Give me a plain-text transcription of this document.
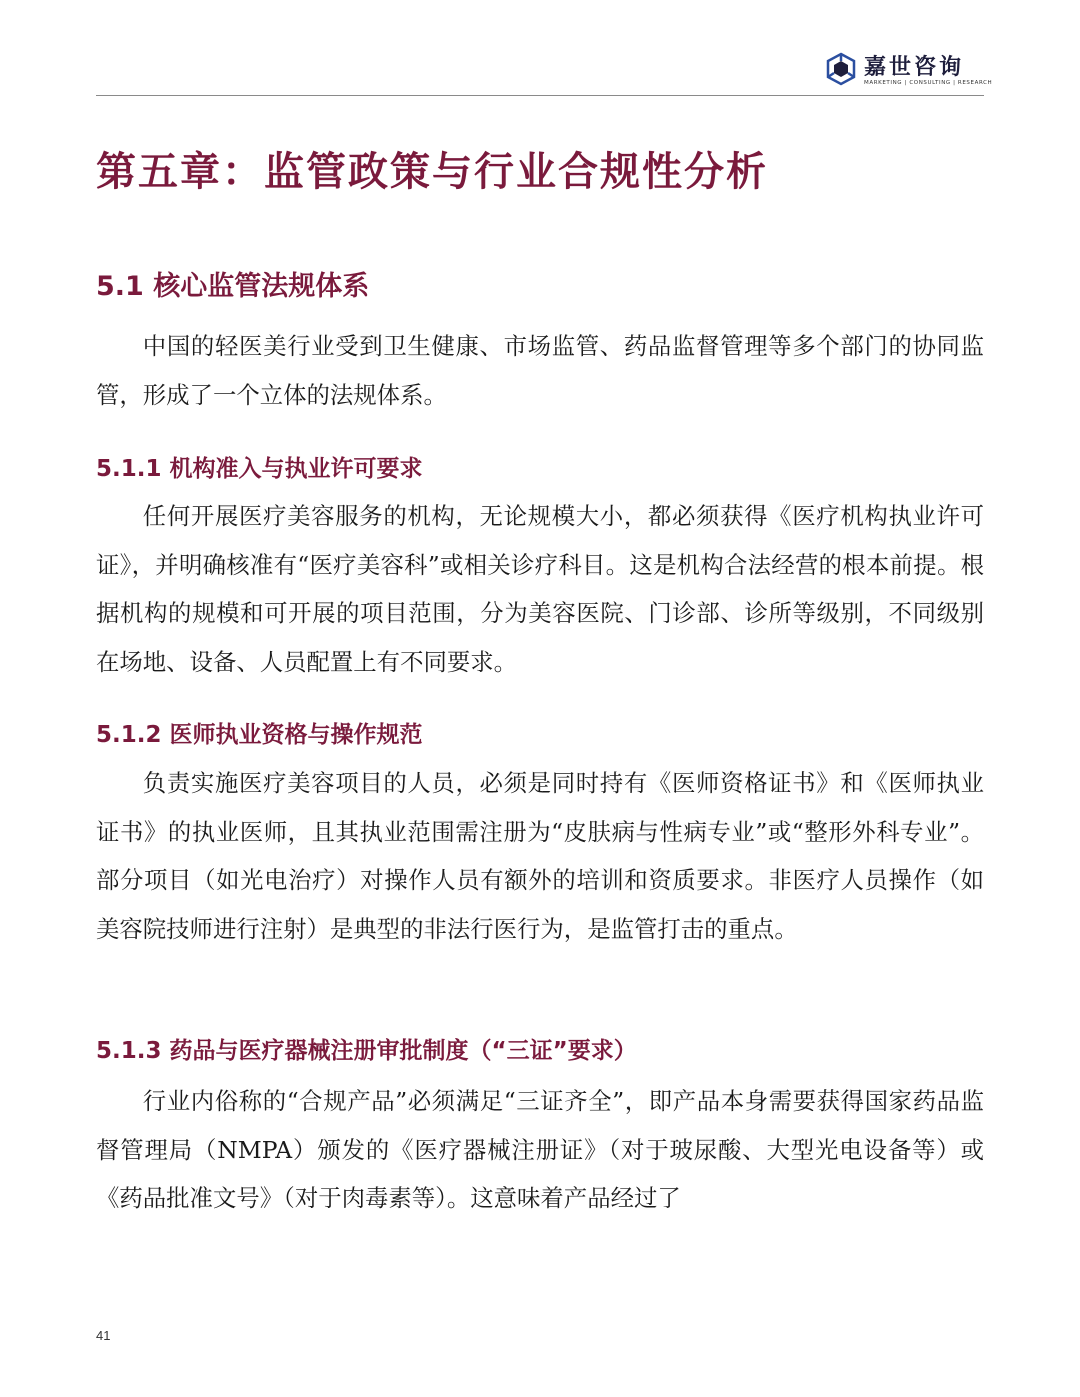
嘉世咨询
MARKETING | CONSULTING | RESEARCH
第五章：监管政策与行业合规性分析
5.1 核心监管法规体系

中国的轻医美行业受到卫生健康、市场监管、药品监督管理等多个部门的协同监管，形成了一个立体的法规体系。

5.1.1 机构准入与执业许可要求

任何开展医疗美容服务的机构，无论规模大小，都必须获得《医疗机构执业许可证》，并明确核准有“医疗美容科”或相关诊疗科目。这是机构合法经营的根本前提。根据机构的规模和可开展的项目范围，分为美容医院、门诊部、诊所等级别，不同级别在场地、设备、人员配置上有不同要求。

5.1.2 医师执业资格与操作规范

负责实施医疗美容项目的人员，必须是同时持有《医师资格证书》和《医师执业证书》的执业医师，且其执业范围需注册为“皮肤病与性病专业”或“整形外科专业”。部分项目（如光电治疗）对操作人员有额外的培训和资质要求。非医疗人员操作（如美容院技师进行注射）是典型的非法行医行为，是监管打击的重点。

5.1.3 药品与医疗器械注册审批制度（“三证”要求）

行业内俗称的“合规产品”必须满足“三证齐全”，即产品本身需要获得国家药品监督管理局（NMPA）颁发的《医疗器械注册证》（对于玻尿酸、大型光电设备等）或《药品批准文号》（对于肉毒素等）。这意味着产品经过了

41
